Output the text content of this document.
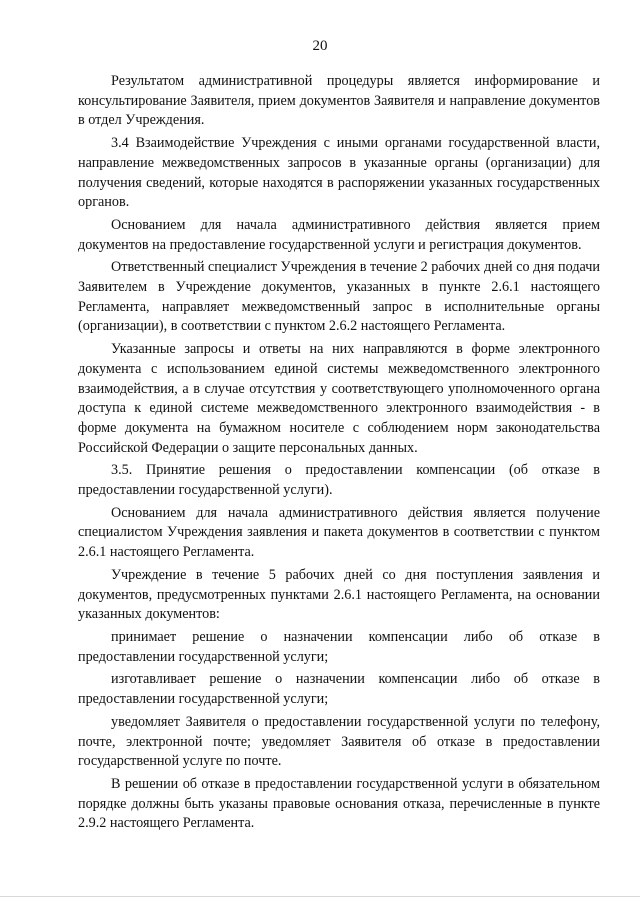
20

Результатом административной процедуры является информирование и консультирование Заявителя, прием документов Заявителя и направление документов в отдел Учреждения.

3.4 Взаимодействие Учреждения с иными органами государственной власти, направление межведомственных запросов в указанные органы (организации) для получения сведений, которые находятся в распоряжении указанных государственных органов.

Основанием для начала административного действия является прием документов на предоставление государственной услуги и регистрация документов.

Ответственный специалист Учреждения в течение 2 рабочих дней со дня подачи Заявителем в Учреждение документов, указанных в пункте 2.6.1 настоящего Регламента, направляет межведомственный запрос в исполнительные органы (организации), в соответствии с пунктом 2.6.2 настоящего Регламента.

Указанные запросы и ответы на них направляются в форме электронного документа с использованием единой системы межведомственного электронного взаимодействия, а в случае отсутствия у соответствующего уполномоченного органа доступа к единой системе межведомственного электронного взаимодействия - в форме документа на бумажном носителе с соблюдением норм законодательства Российской Федерации о защите персональных данных.

3.5. Принятие решения о предоставлении компенсации (об отказе в предоставлении государственной услуги).

Основанием для начала административного действия является получение специалистом Учреждения заявления и пакета документов в соответствии с пунктом 2.6.1 настоящего Регламента.

Учреждение в течение 5 рабочих дней со дня поступления заявления и документов, предусмотренных пунктами 2.6.1 настоящего Регламента, на основании указанных документов:

принимает решение о назначении компенсации либо об отказе в предоставлении государственной услуги;

изготавливает решение о назначении компенсации либо об отказе в предоставлении государственной услуги;

уведомляет Заявителя о предоставлении государственной услуги по телефону, почте, электронной почте; уведомляет Заявителя об отказе в предоставлении государственной услуге по почте.

В решении об отказе в предоставлении государственной услуги в обязательном порядке должны быть указаны правовые основания отказа, перечисленные в пункте 2.9.2 настоящего Регламента.
